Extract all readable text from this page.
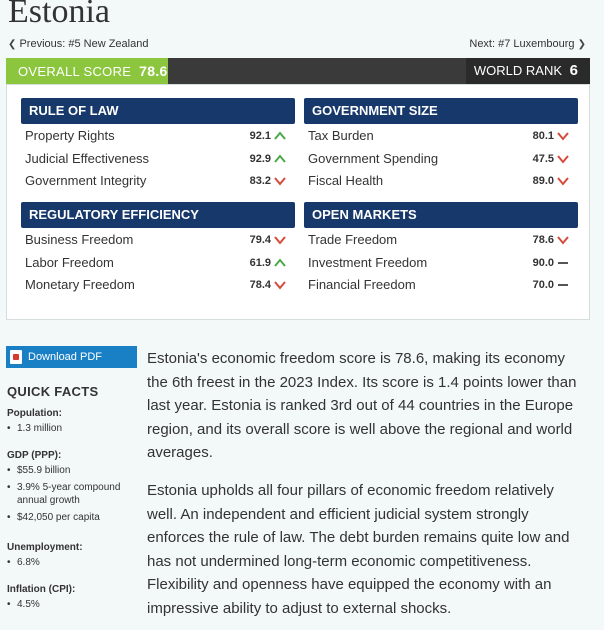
Estonia
❮ Previous: #5 New Zealand	Next: #7 Luxembourg ❯
OVERALL SCORE 78.6	WORLD RANK 6
RULE OF LAW
Property Rights	92.1
Judicial Effectiveness	92.9
Government Integrity	83.2
GOVERNMENT SIZE
Tax Burden	80.1
Government Spending	47.5
Fiscal Health	89.0
REGULATORY EFFICIENCY
Business Freedom	79.4
Labor Freedom	61.9
Monetary Freedom	78.4
OPEN MARKETS
Trade Freedom	78.6
Investment Freedom	90.0
Financial Freedom	70.0
Download PDF
QUICK FACTS
Population:
• 1.3 million
GDP (PPP):
• $55.9 billion
• 3.9% 5-year compound annual growth
• $42,050 per capita
Unemployment:
• 6.8%
Inflation (CPI):
• 4.5%

Estonia's economic freedom score is 78.6, making its economy the 6th freest in the 2023 Index. Its score is 1.4 points lower than last year. Estonia is ranked 3rd out of 44 countries in the Europe region, and its overall score is well above the regional and world averages.

Estonia upholds all four pillars of economic freedom relatively well. An independent and efficient judicial system strongly enforces the rule of law. The debt burden remains quite low and has not undermined long-term economic competitiveness. Flexibility and openness have equipped the economy with an impressive ability to adjust to external shocks.
